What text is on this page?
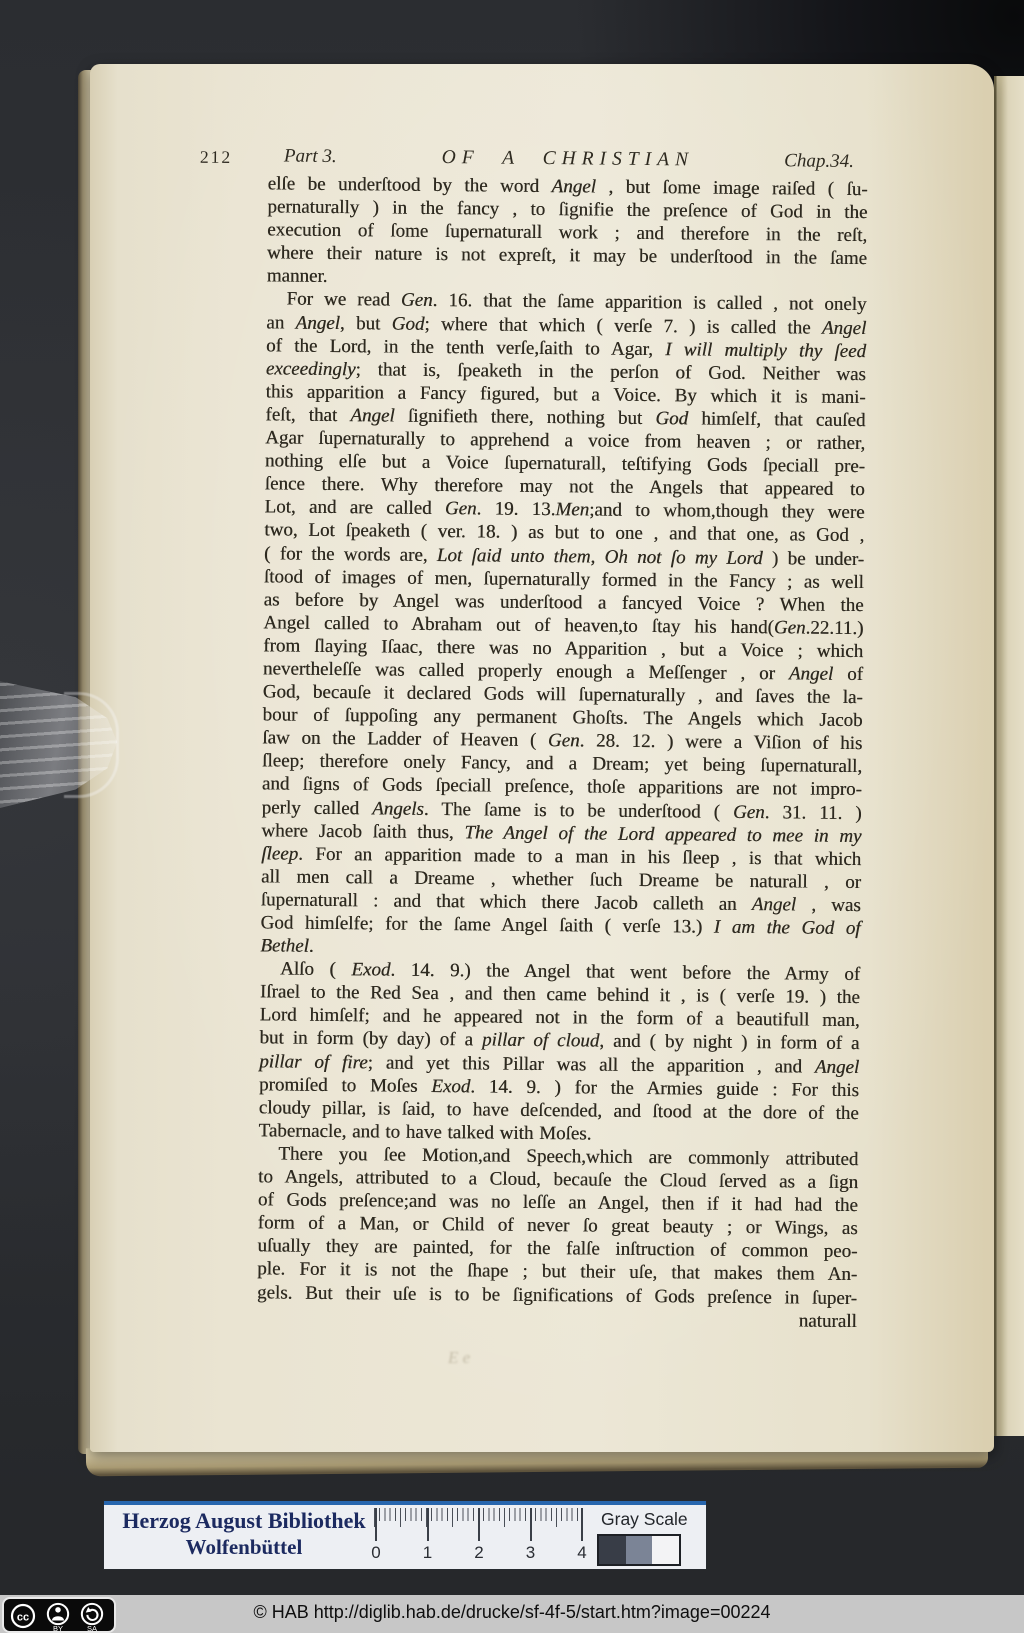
212	Part 3.	OF A CHRISTIAN	Chap.34.
elſe be underſtood by the word Angel , but ſome image raiſed ( ſu-
pernaturally ) in the fancy , to ſignifie the preſence of God in the
execution of ſome ſupernaturall work ; and therefore in the reſt,
where their nature is not expreſt, it may be underſtood in the ſame
manner.
For we read Gen. 16. that the ſame apparition is called , not onely
an Angel, but God; where that which ( verſe 7. ) is called the Angel
of the Lord, in the tenth verſe,ſaith to Agar, I will multiply thy ſeed
exceedingly; that is, ſpeaketh in the perſon of God. Neither was
this apparition a Fancy figured, but a Voice. By which it is mani-
feſt, that Angel ſignifieth there, nothing but God himſelf, that cauſed
Agar ſupernaturally to apprehend a voice from heaven ; or rather,
nothing elſe but a Voice ſupernaturall, teſtifying Gods ſpeciall pre-
ſence there. Why therefore may not the Angels that appeared to
Lot, and are called Gen. 19. 13.Men;and to whom,though they were
two, Lot ſpeaketh ( ver. 18. ) as but to one , and that one, as God ,
( for the words are, Lot ſaid unto them, Oh not ſo my Lord ) be under-
ſtood of images of men, ſupernaturally formed in the Fancy ; as well
as before by Angel was underſtood a fancyed Voice ? When the
Angel called to Abraham out of heaven,to ſtay his hand(Gen.22.11.)
from ſlaying Iſaac, there was no Apparition , but a Voice ; which
nevertheleſſe was called properly enough a Meſſenger , or Angel of
God, becauſe it declared Gods will ſupernaturally , and ſaves the la-
bour of ſuppoſing any permanent Ghoſts. The Angels which Jacob
ſaw on the Ladder of Heaven ( Gen. 28. 12. ) were a Viſion of his
ſleep; therefore onely Fancy, and a Dream; yet being ſupernaturall,
and ſigns of Gods ſpeciall preſence, thoſe apparitions are not impro-
perly called Angels. The ſame is to be underſtood ( Gen. 31. 11. )
where Jacob ſaith thus, The Angel of the Lord appeared to mee in my
ſleep. For an apparition made to a man in his ſleep , is that which
all men call a Dreame , whether ſuch Dreame be naturall , or
ſupernaturall : and that which there Jacob calleth an Angel , was
God himſelfe; for the ſame Angel ſaith ( verſe 13.) I am the God of
Bethel.
Alſo ( Exod. 14. 9.) the Angel that went before the Army of
Iſrael to the Red Sea , and then came behind it , is ( verſe 19. ) the
Lord himſelf; and he appeared not in the form of a beautifull man,
but in form (by day) of a pillar of cloud, and ( by night ) in form of a
pillar of fire; and yet this Pillar was all the apparition , and Angel
promiſed to Moſes Exod. 14. 9. ) for the Armies guide : For this
cloudy pillar, is ſaid, to have deſcended, and ſtood at the dore of the
Tabernacle, and to have talked with Moſes.
There you ſee Motion,and Speech,which are commonly attributed
to Angels, attributed to a Cloud, becauſe the Cloud ſerved as a ſign
of Gods preſence;and was no leſſe an Angel, then if it had had the
form of a Man, or Child of never ſo great beauty ; or Wings, as
uſually they are painted, for the falſe inſtruction of common peo-
ple. For it is not the ſhape ; but their uſe, that makes them An-
gels. But their uſe is to be ſignifications of Gods preſence in ſuper-
naturall
E e
Herzog August Bibliothek
Wolfenbüttel	0	1	2	3	4
Gray Scale
© HAB http://diglib.hab.de/drucke/sf-4f-5/start.htm?image=00224
cc
BY	SA
